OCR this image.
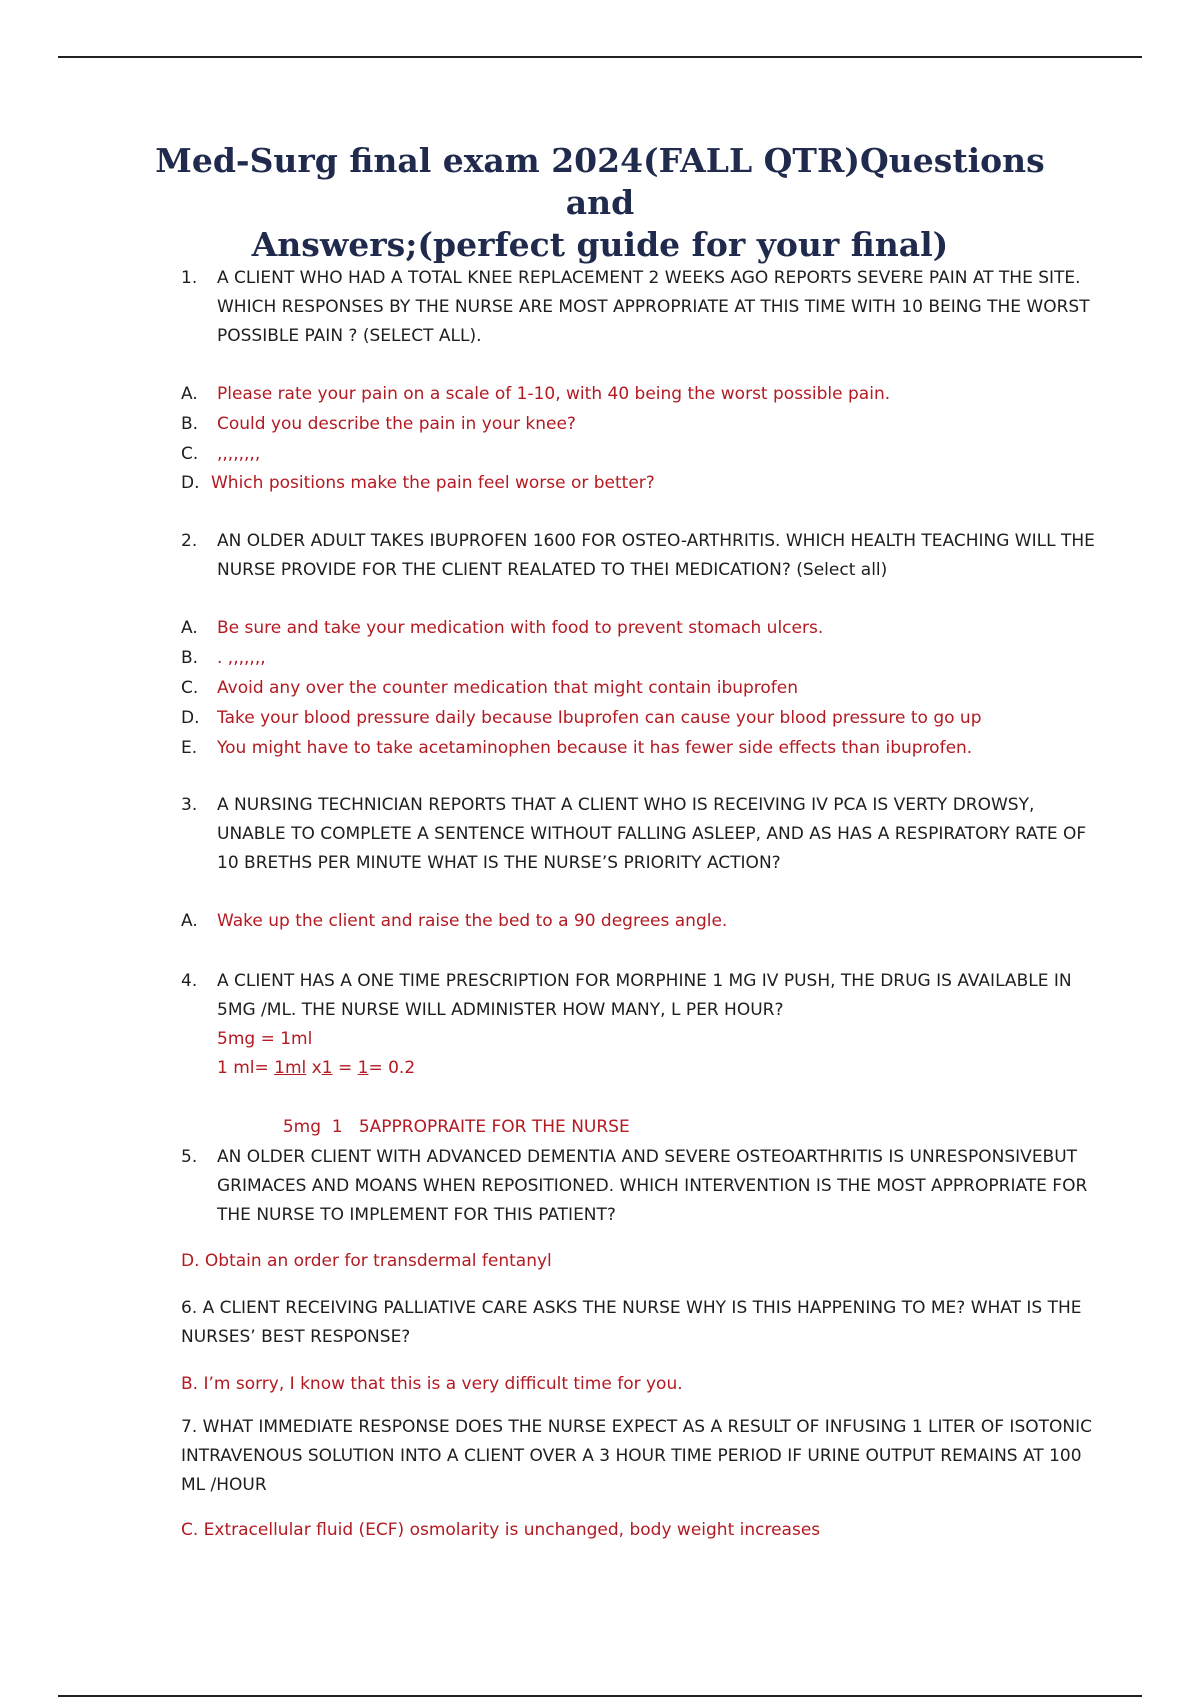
Med-Surg final exam 2024(FALL QTR)Questions and
Answers;(perfect guide for your final)
1.	A CLIENT WHO HAD A TOTAL KNEE REPLACEMENT 2 WEEKS AGO REPORTS SEVERE PAIN AT THE SITE. WHICH RESPONSES BY THE NURSE ARE MOST APPROPRIATE AT THIS TIME WITH 10 BEING THE WORST POSSIBLE PAIN ? (SELECT ALL).
A. Please rate your pain on a scale of 1-10, with 40 being the worst possible pain.
B. Could you describe the pain in your knee?
C. ,,,,,,,,
D. Which positions make the pain feel worse or better?
2.	AN OLDER ADULT TAKES IBUPROFEN 1600 FOR OSTEO-ARTHRITIS. WHICH HEALTH TEACHING WILL THE NURSE PROVIDE FOR THE CLIENT REALATED TO THEI MEDICATION? (Select all)
A. Be sure and take your medication with food to prevent stomach ulcers.
B. . ,,,,,,,
C. Avoid any over the counter medication that might contain ibuprofen
D. Take your blood pressure daily because Ibuprofen can cause your blood pressure to go up
E. You might have to take acetaminophen because it has fewer side effects than ibuprofen.
3.	A NURSING TECHNICIAN REPORTS THAT A CLIENT WHO IS RECEIVING IV PCA IS VERTY DROWSY, UNABLE TO COMPLETE A SENTENCE WITHOUT FALLING ASLEEP, AND AS HAS A RESPIRATORY RATE OF 10 BRETHS PER MINUTE WHAT IS THE NURSE’S PRIORITY ACTION?
A. Wake up the client and raise the bed to a 90 degrees angle.
4.	A CLIENT HAS A ONE TIME PRESCRIPTION FOR MORPHINE 1 MG IV PUSH, THE DRUG IS AVAILABLE IN 5MG /ML. THE NURSE WILL ADMINISTER HOW MANY, L PER HOUR?
5mg = 1ml
1 ml= 1ml x1 = 1= 0.2

5mg  1   5APPROPRAITE FOR THE NURSE

5.	AN OLDER CLIENT WITH ADVANCED DEMENTIA AND SEVERE OSTEOARTHRITIS IS UNRESPONSIVEBUT GRIMACES AND MOANS WHEN REPOSITIONED. WHICH INTERVENTION IS THE MOST APPROPRIATE FOR THE NURSE TO IMPLEMENT FOR THIS PATIENT?
D. Obtain an order for transdermal fentanyl
6. A CLIENT RECEIVING PALLIATIVE CARE ASKS THE NURSE WHY IS THIS HAPPENING TO ME? WHAT IS THE NURSES’ BEST RESPONSE?
B. I’m sorry, I know that this is a very difficult time for you.
7. WHAT IMMEDIATE RESPONSE DOES THE NURSE EXPECT AS A RESULT OF INFUSING 1 LITER OF ISOTONIC INTRAVENOUS SOLUTION INTO A CLIENT OVER A 3 HOUR TIME PERIOD IF URINE OUTPUT REMAINS AT 100 ML /HOUR
C. Extracellular fluid (ECF) osmolarity is unchanged, body weight increases
